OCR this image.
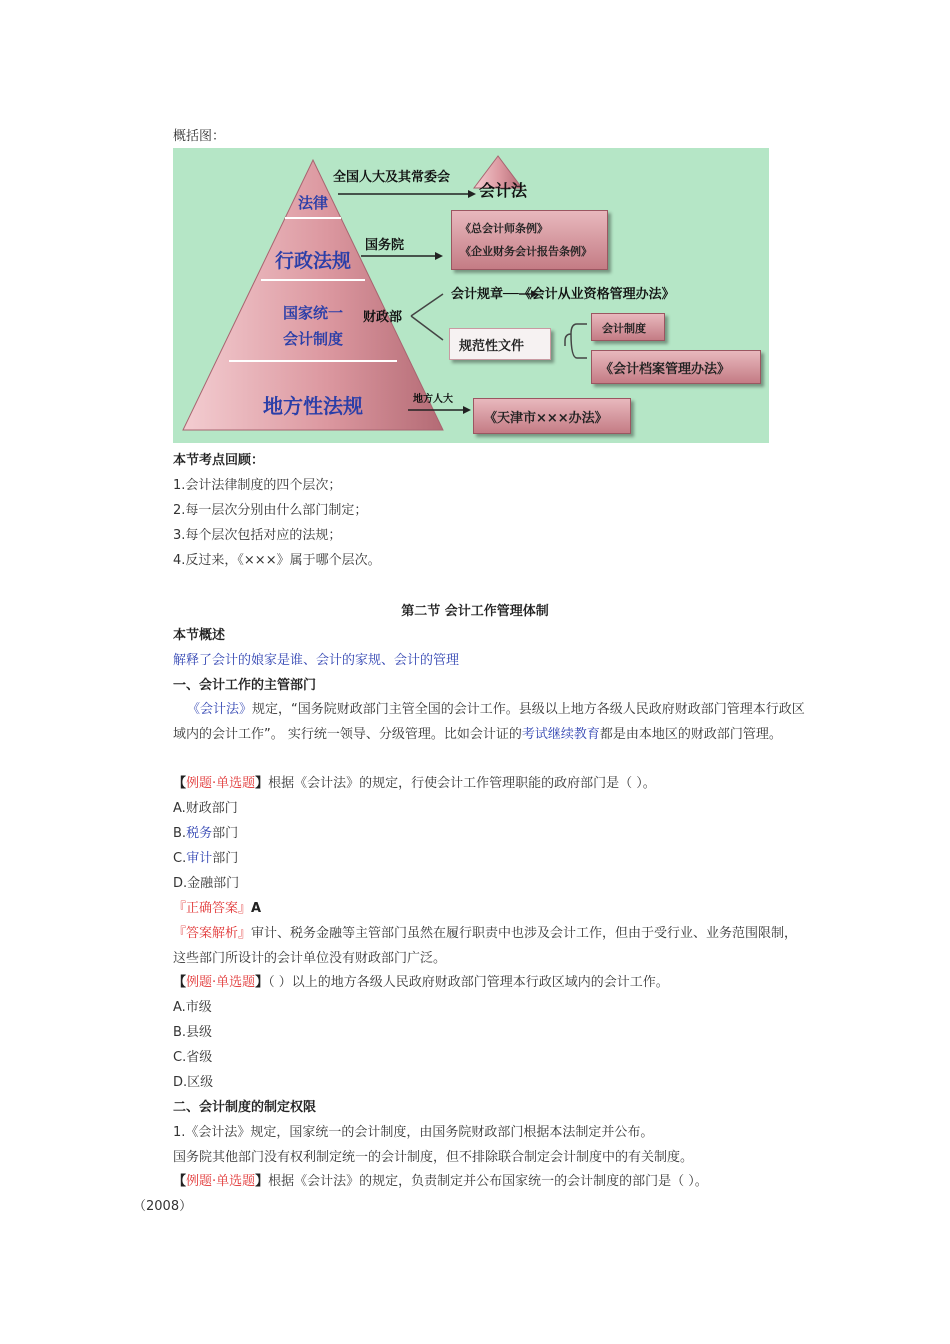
概括图：
法律
行政法规
国家统一
会计制度
地方性法规
全国人大及其常委会
会计法
国务院
财政部
地方人大
《总会计师条例》
《企业财务会计报告条例》
会计规章──《会计从业资格管理办法》
规范性文件
会计制度
《会计档案管理办法》
《天津市×××办法》
本节考点回顾：
1.会计法律制度的四个层次；
2.每一层次分别由什么部门制定；
3.每个层次包括对应的法规；
4.反过来，《×××》属于哪个层次。
第二节 会计工作管理体制
本节概述
解释了会计的娘家是谁、会计的家规、会计的管理
一、会计工作的主管部门
《会计法》规定，“国务院财政部门主管全国的会计工作。县级以上地方各级人民政府财政部门管理本行政区域内的会计工作”。 实行统一领导、分级管理。比如会计证的考试继续教育都是由本地区的财政部门管理。
【例题·单选题】根据《会计法》的规定，行使会计工作管理职能的政府部门是（ ）。
A.财政部门
B.税务部门
C.审计部门
D.金融部门
『正确答案』A
『答案解析』审计、税务金融等主管部门虽然在履行职责中也涉及会计工作，但由于受行业、业务范围限制，这些部门所设计的会计单位没有财政部门广泛。
【例题·单选题】（ ）以上的地方各级人民政府财政部门管理本行政区域内的会计工作。
A.市级
B.县级
C.省级
D.区级
二、会计制度的制定权限
1.《会计法》规定，国家统一的会计制度，由国务院财政部门根据本法制定并公布。
国务院其他部门没有权利制定统一的会计制度，但不排除联合制定会计制度中的有关制度。
【例题·单选题】根据《会计法》的规定，负责制定并公布国家统一的会计制度的部门是（ ）。
（2008）
